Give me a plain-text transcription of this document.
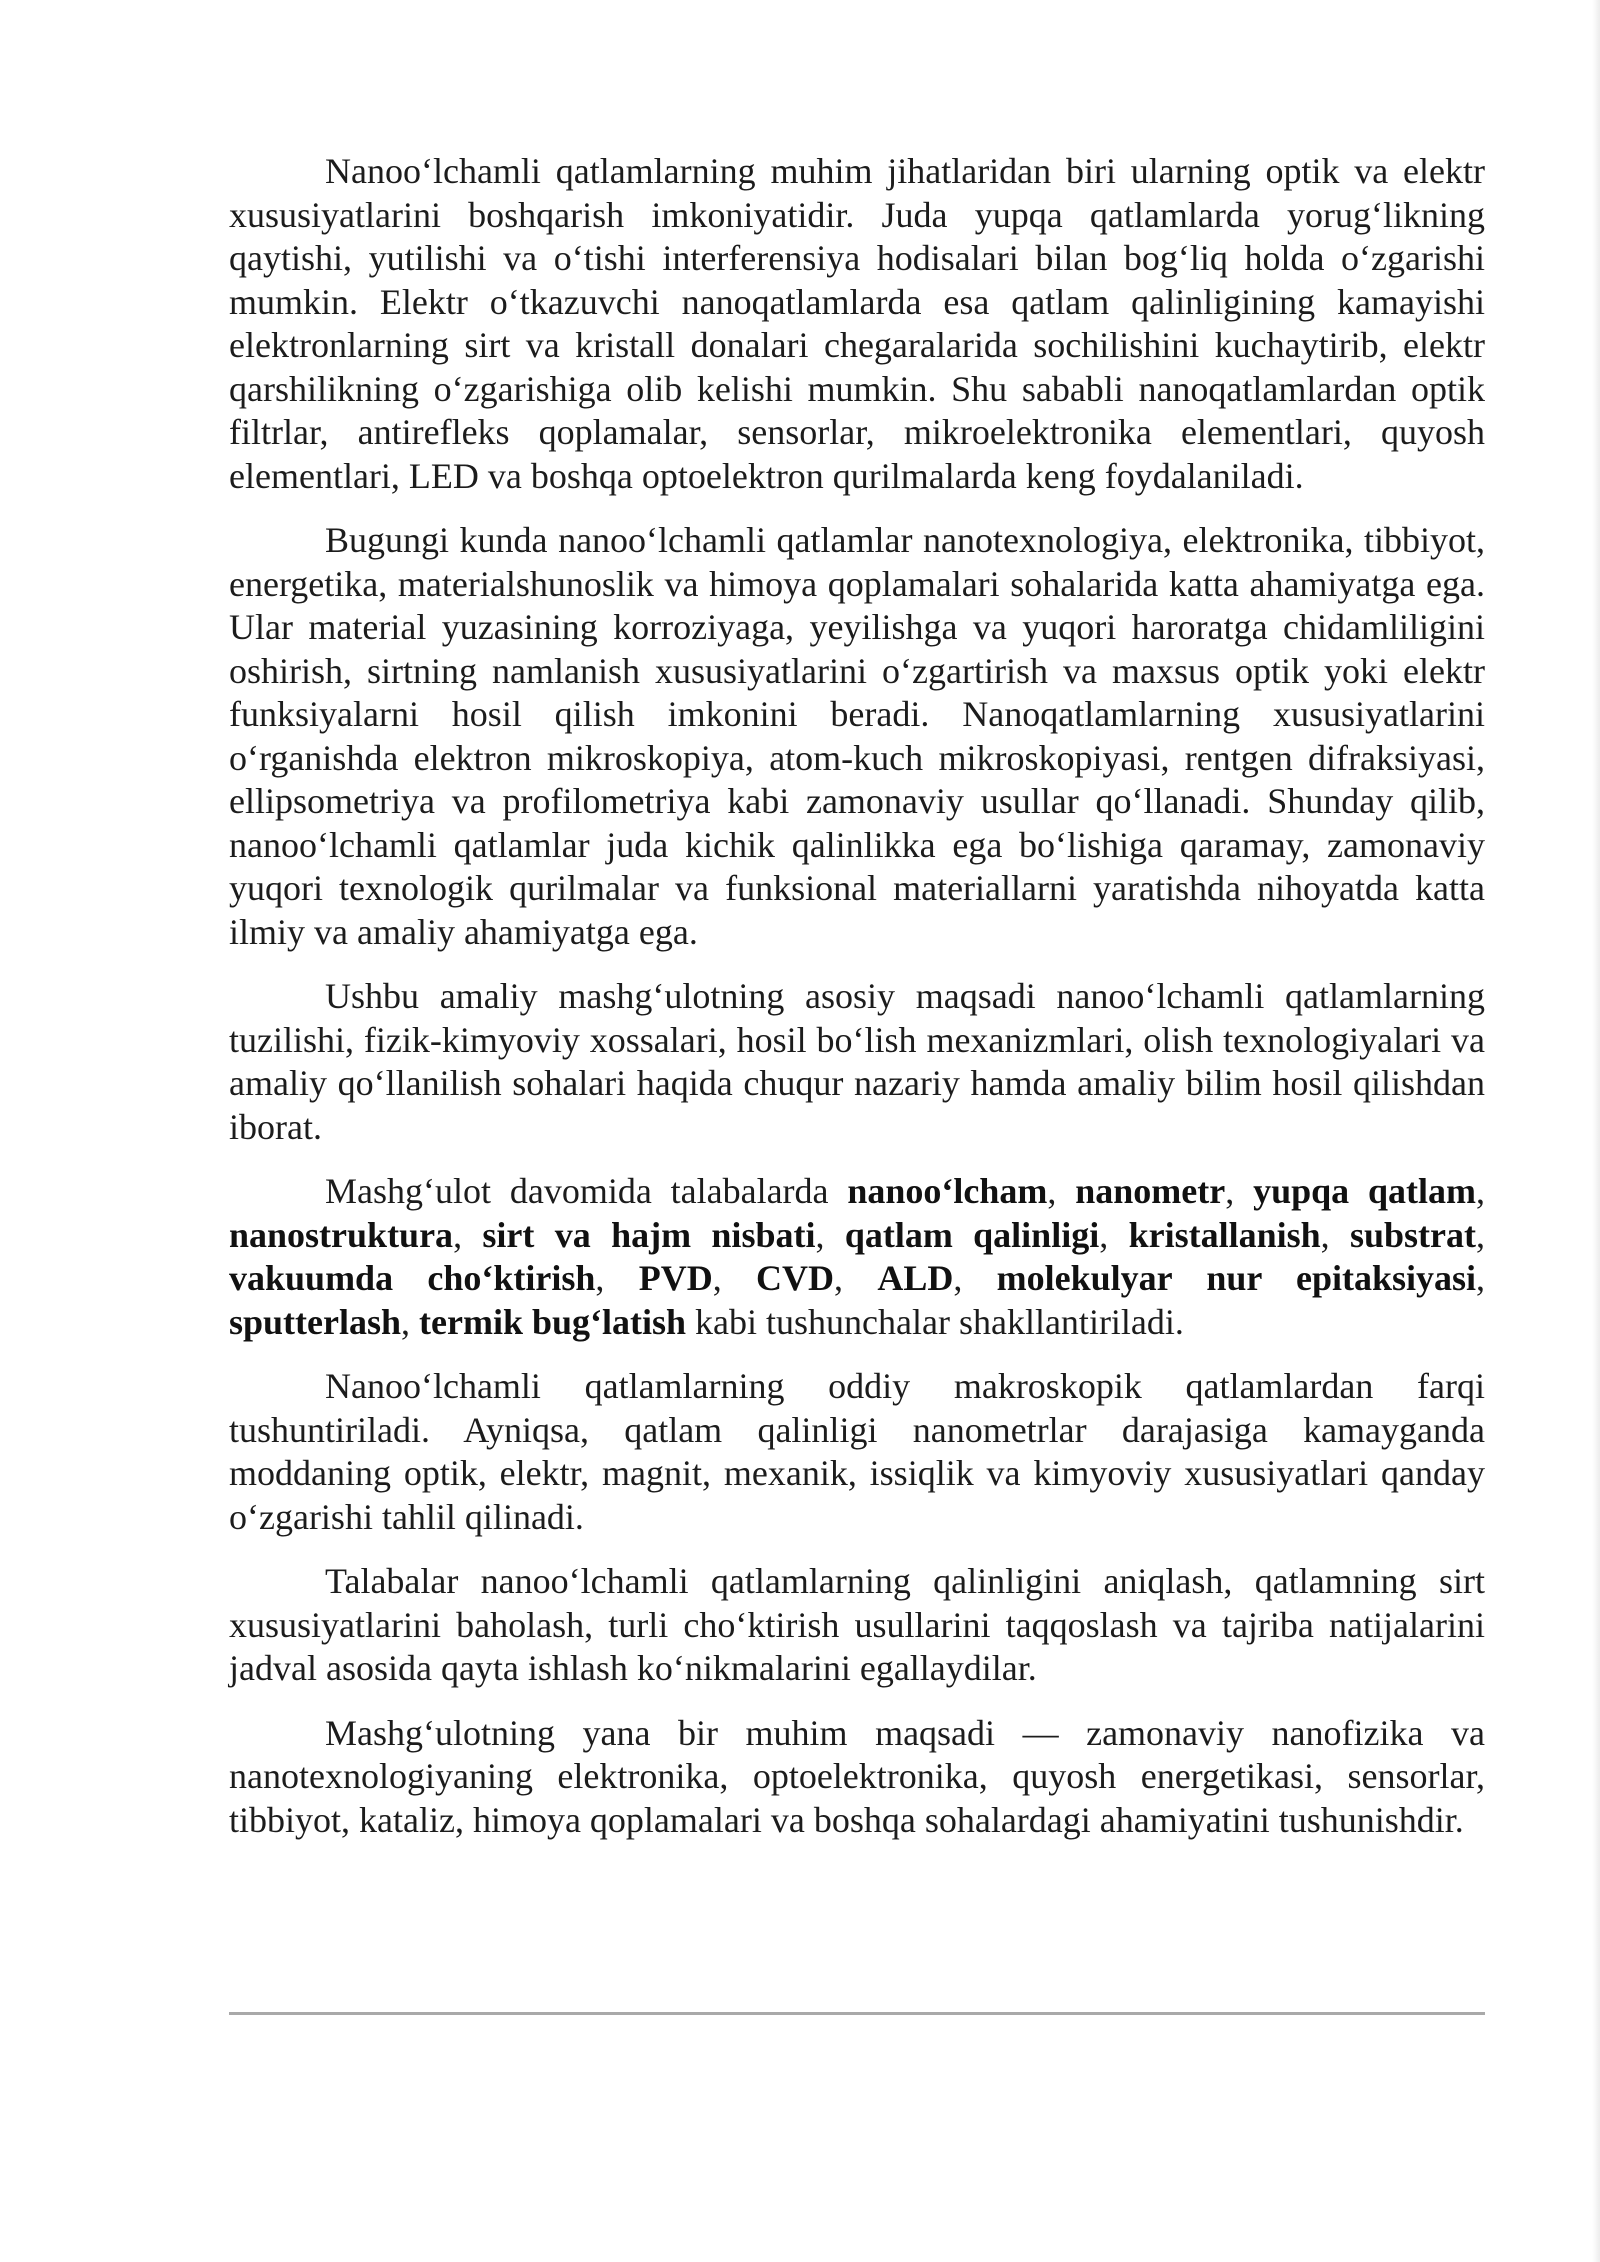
Nanoo‘lchamli qatlamlarning muhim jihatlaridan biri ularning optik va elektr xususiyatlarini boshqarish imkoniyatidir. Juda yupqa qatlamlarda yorug‘likning qaytishi, yutilishi va o‘tishi interferensiya hodisalari bilan bog‘liq holda o‘zgarishi mumkin. Elektr o‘tkazuvchi nanoqatlamlarda esa qatlam qalinligining kamayishi elektronlarning sirt va kristall donalari chegaralarida sochilishini kuchaytirib, elektr qarshilikning o‘zgarishiga olib kelishi mumkin. Shu sababli nanoqatlamlardan optik filtrlar, antirefleks qoplamalar, sensorlar, mikroelektronika elementlari, quyosh elementlari, LED va boshqa optoelektron qurilmalarda keng foydalaniladi.

Bugungi kunda nanoo‘lchamli qatlamlar nanotexnologiya, elektronika, tibbiyot, energetika, materialshunoslik va himoya qoplamalari sohalarida katta ahamiyatga ega. Ular material yuzasining korroziyaga, yeyilishga va yuqori haroratga chidamliligini oshirish, sirtning namlanish xususiyatlarini o‘zgartirish va maxsus optik yoki elektr funksiyalarni hosil qilish imkonini beradi. Nanoqatlamlarning xususiyatlarini o‘rganishda elektron mikroskopiya, atom-kuch mikroskopiyasi, rentgen difraksiyasi, ellipsometriya va profilometriya kabi zamonaviy usullar qo‘llanadi. Shunday qilib, nanoo‘lchamli qatlamlar juda kichik qalinlikka ega bo‘lishiga qaramay, zamonaviy yuqori texnologik qurilmalar va funksional materiallarni yaratishda nihoyatda katta ilmiy va amaliy ahamiyatga ega.

Ushbu amaliy mashg‘ulotning asosiy maqsadi nanoo‘lchamli qatlamlarning tuzilishi, fizik-kimyoviy xossalari, hosil bo‘lish mexanizmlari, olish texnologiyalari va amaliy qo‘llanilish sohalari haqida chuqur nazariy hamda amaliy bilim hosil qilishdan iborat.

Mashg‘ulot davomida talabalarda nanoo‘lcham, nanometr, yupqa qatlam, nanostruktura, sirt va hajm nisbati, qatlam qalinligi, kristallanish, substrat, vakuumda cho‘ktirish, PVD, CVD, ALD, molekulyar nur epitaksiyasi, sputterlash, termik bug‘latish kabi tushunchalar shakllantiriladi.

Nanoo‘lchamli qatlamlarning oddiy makroskopik qatlamlardan farqi tushuntiriladi. Ayniqsa, qatlam qalinligi nanometrlar darajasiga kamayganda moddaning optik, elektr, magnit, mexanik, issiqlik va kimyoviy xususiyatlari qanday o‘zgarishi tahlil qilinadi.

Talabalar nanoo‘lchamli qatlamlarning qalinligini aniqlash, qatlamning sirt xususiyatlarini baholash, turli cho‘ktirish usullarini taqqoslash va tajriba natijalarini jadval asosida qayta ishlash ko‘nikmalarini egallaydilar.

Mashg‘ulotning yana bir muhim maqsadi — zamonaviy nanofizika va nanotexnologiyaning elektronika, optoelektronika, quyosh energetikasi, sensorlar, tibbiyot, kataliz, himoya qoplamalari va boshqa sohalardagi ahamiyatini tushunishdir.
